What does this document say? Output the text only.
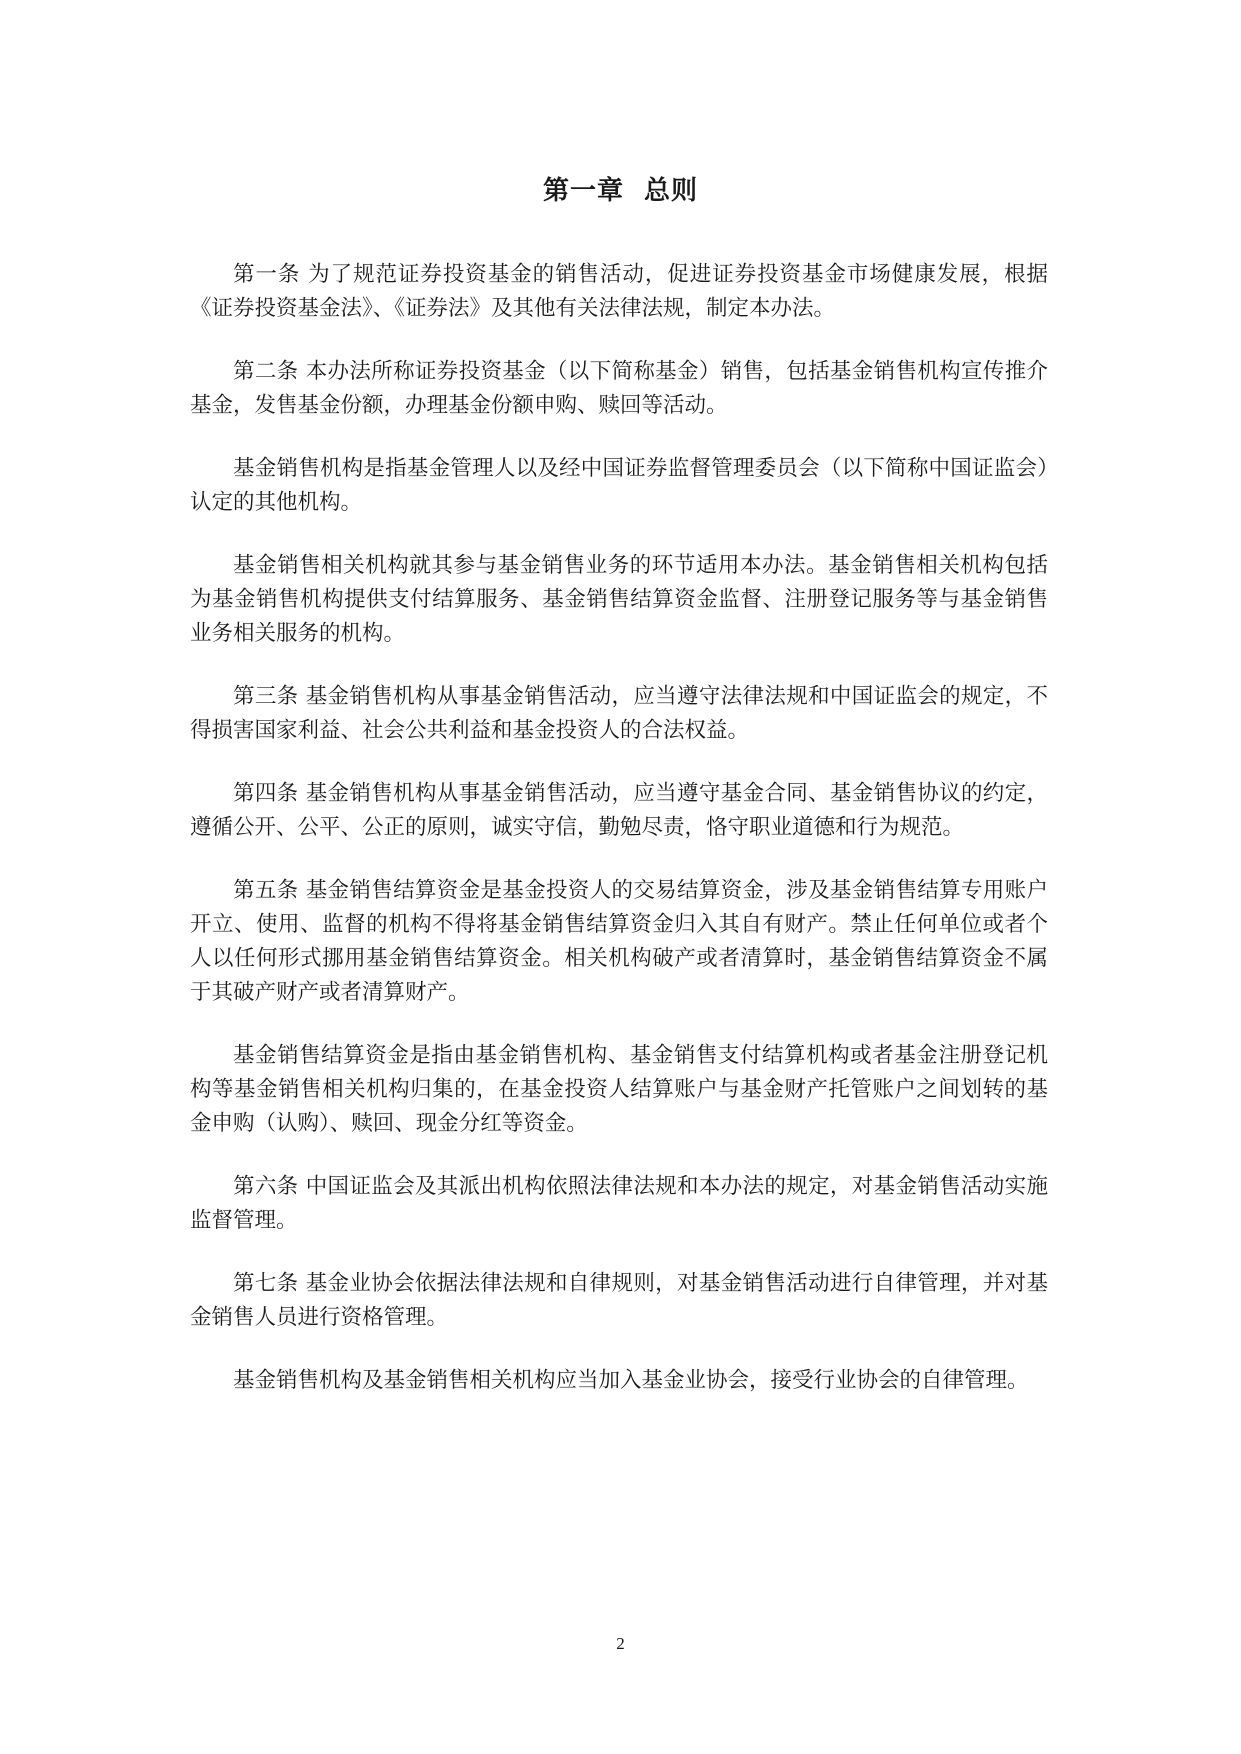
第一章  总则

第一条 为了规范证券投资基金的销售活动，促进证券投资基金市场健康发展，根据《证券投资基金法》、《证券法》及其他有关法律法规，制定本办法。

第二条 本办法所称证券投资基金（以下简称基金）销售，包括基金销售机构宣传推介基金，发售基金份额，办理基金份额申购、赎回等活动。

基金销售机构是指基金管理人以及经中国证券监督管理委员会（以下简称中国证监会）认定的其他机构。

基金销售相关机构就其参与基金销售业务的环节适用本办法。基金销售相关机构包括为基金销售机构提供支付结算服务、基金销售结算资金监督、注册登记服务等与基金销售业务相关服务的机构。

第三条 基金销售机构从事基金销售活动，应当遵守法律法规和中国证监会的规定，不得损害国家利益、社会公共利益和基金投资人的合法权益。

第四条 基金销售机构从事基金销售活动，应当遵守基金合同、基金销售协议的约定，遵循公开、公平、公正的原则，诚实守信，勤勉尽责，恪守职业道德和行为规范。

第五条 基金销售结算资金是基金投资人的交易结算资金，涉及基金销售结算专用账户开立、使用、监督的机构不得将基金销售结算资金归入其自有财产。禁止任何单位或者个人以任何形式挪用基金销售结算资金。相关机构破产或者清算时，基金销售结算资金不属于其破产财产或者清算财产。

基金销售结算资金是指由基金销售机构、基金销售支付结算机构或者基金注册登记机构等基金销售相关机构归集的，在基金投资人结算账户与基金财产托管账户之间划转的基金申购（认购）、赎回、现金分红等资金。

第六条 中国证监会及其派出机构依照法律法规和本办法的规定，对基金销售活动实施监督管理。

第七条 基金业协会依据法律法规和自律规则，对基金销售活动进行自律管理，并对基金销售人员进行资格管理。

基金销售机构及基金销售相关机构应当加入基金业协会，接受行业协会的自律管理。

2
